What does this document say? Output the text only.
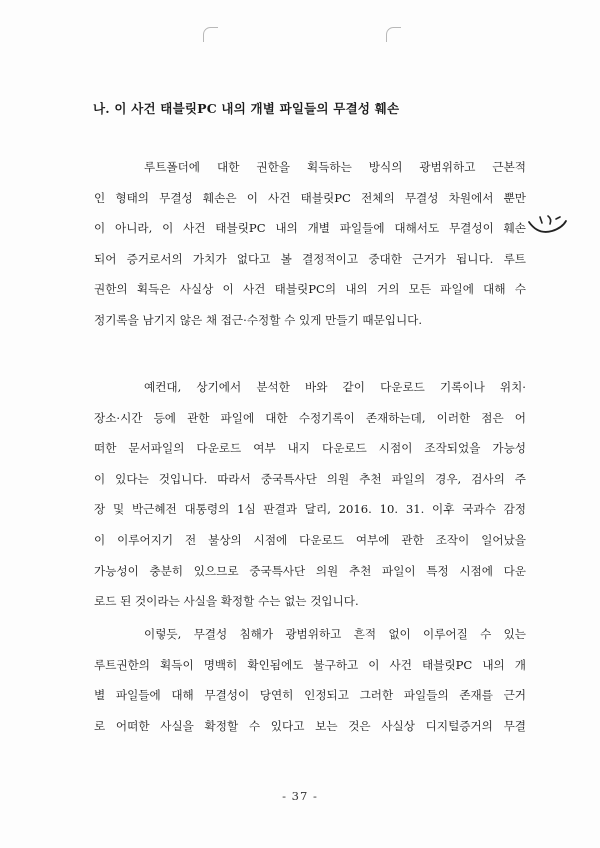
나. 이 사건 태블릿PC 내의 개별 파일들의 무결성 훼손

루트폴더에 대한 권한을 획득하는 방식의 광범위하고 근본적
인 형태의 무결성 훼손은 이 사건 태블릿PC 전체의 무결성 차원에서 뿐만
이 아니라, 이 사건 태블릿PC 내의 개별 파일들에 대해서도 무결성이 훼손
되어 증거로서의 가치가 없다고 볼 결정적이고 중대한 근거가 됩니다. 루트
권한의 획득은 사실상 이 사건 태블릿PC의 내의 거의 모든 파일에 대해 수
정기록을 남기지 않은 채 접근·수정할 수 있게 만들기 때문입니다.

예컨대, 상기에서 분석한 바와 같이 다운로드 기록이나 위치·
장소·시간 등에 관한 파일에 대한 수정기록이 존재하는데, 이러한 점은 어
떠한 문서파일의 다운로드 여부 내지 다운로드 시점이 조작되었을 가능성
이 있다는 것입니다. 따라서 중국특사단 의원 추천 파일의 경우, 검사의 주
장 및 박근혜전 대통령의 1심 판결과 달리, 2016. 10. 31. 이후 국과수 감정
이 이루어지기 전 불상의 시점에 다운로드 여부에 관한 조작이 일어났을
가능성이 충분히 있으므로 중국특사단 의원 추천 파일이 특정 시점에 다운
로드 된 것이라는 사실을 확정할 수는 없는 것입니다.

이렇듯, 무결성 침해가 광범위하고 흔적 없이 이루어질 수 있는
루트권한의 획득이 명백히 확인됨에도 불구하고 이 사건 태블릿PC 내의 개
별 파일들에 대해 무결성이 당연히 인정되고 그러한 파일들의 존재를 근거
로 어떠한 사실을 확정할 수 있다고 보는 것은 사실상 디지털증거의 무결

- 37 -
